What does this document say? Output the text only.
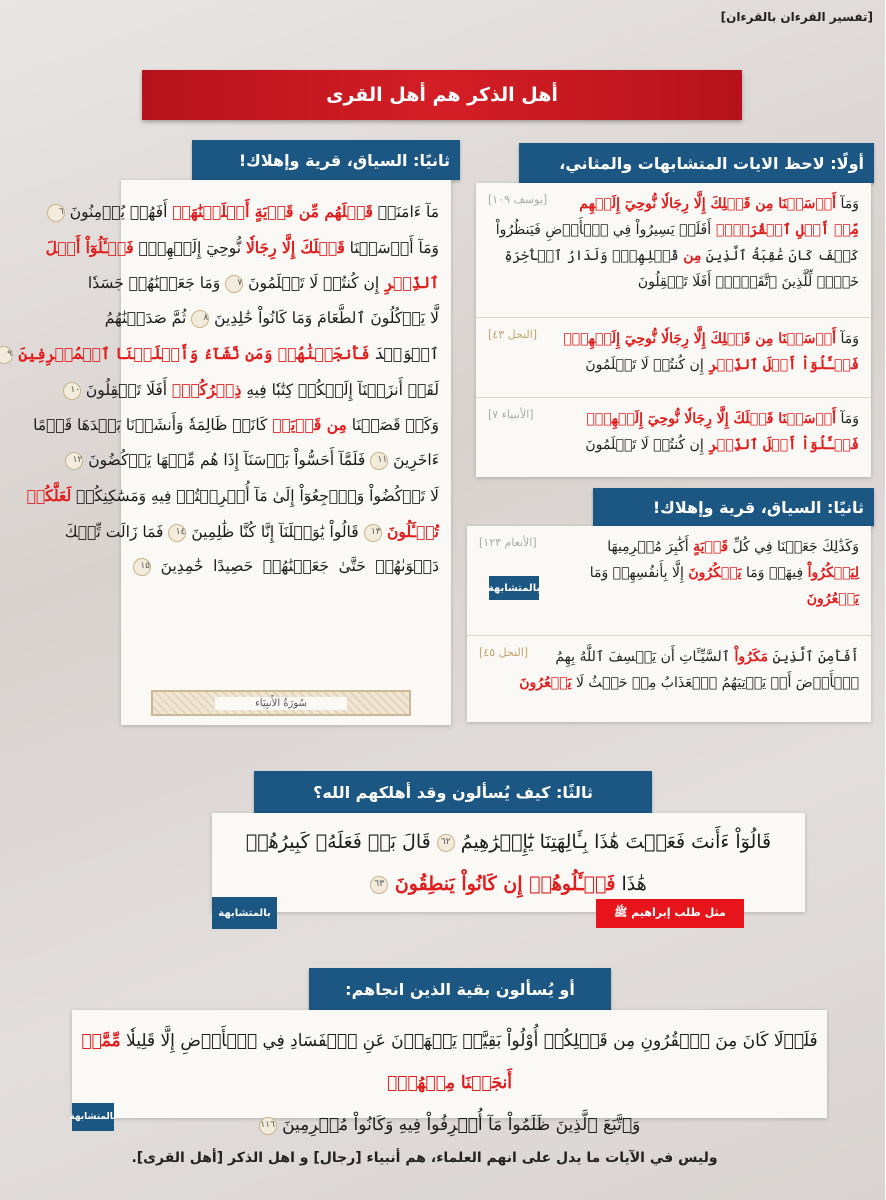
[تفسير القرءان بالقرءان]
أهل الذكر هم أهل القرى
أولًا: لاحظ الايات المتشابهات والمثاني،
[يوسف ١٠٩]	وَمَآ أَرۡسَلۡنَا مِن قَبۡلِكَ إِلَّا رِجَالٗا نُّوحِيٓ إِلَيۡهِم
مِّنۡ أَهۡلِ ٱلۡقُرَىٰٓۗ أَفَلَمۡ يَسِيرُواْ فِي ٱلۡأَرۡضِ فَيَنظُرُواْ
كَيۡفَ كَانَ عَٰقِبَةُ ٱلَّذِينَ مِن قَبۡلِهِمۡۗ وَلَدَارُ ٱلۡأٓخِرَةِ
خَيۡرٞ لِّلَّذِينَ ٱتَّقَوۡاْۚ أَفَلَا تَعۡقِلُونَ
[النحل ٤٣]	وَمَآ أَرۡسَلۡنَا مِن قَبۡلِكَ إِلَّا رِجَالٗا نُّوحِيٓ إِلَيۡهِمۡۖ
فَسۡـَٔلُوٓاْ أَهۡلَ ٱلذِّكۡرِ إِن كُنتُمۡ لَا تَعۡلَمُونَ
[الأنبياء ٧]	وَمَآ أَرۡسَلۡنَا قَبۡلَكَ إِلَّا رِجَالٗا نُّوحِيٓ إِلَيۡهِمۡۖ
فَسۡـَٔلُوٓاْ أَهۡلَ ٱلذِّكۡرِ إِن كُنتُمۡ لَا تَعۡلَمُونَ
ثانيًا: السياق، قرية وإهلاك!
[الأنعام ١٢٣]
بالمتشابهة
وَكَذَٰلِكَ جَعَلۡنَا فِي كُلِّ قَرۡيَةٍ أَكَٰبِرَ مُجۡرِمِيهَا
لِيَمۡكُرُواْ فِيهَاۖ وَمَا يَمۡكُرُونَ إِلَّا بِأَنفُسِهِمۡ وَمَا
يَشۡعُرُونَ
[النحل ٤٥]	أَفَأَمِنَ ٱلَّذِينَ مَكَرُواْ ٱلسَّيِّـَٔاتِ أَن يَخۡسِفَ ٱللَّهُ بِهِمُ
ٱلۡأَرۡضَ أَوۡ يَأۡتِيَهُمُ ٱلۡعَذَابُ مِنۡ حَيۡثُ لَا يَشۡعُرُونَ
ثانيًا: السياق، قرية وإهلاك!
مَآ ءَامَنَتۡ قَبۡلَهُم مِّن قَرۡيَةٍ أَهۡلَكۡنَٰهَآۖ أَفَهُمۡ يُؤۡمِنُونَ ٦
وَمَآ أَرۡسَلۡنَا قَبۡلَكَ إِلَّا رِجَالٗا نُّوحِيٓ إِلَيۡهِمۡۖ فَسۡـَٔلُوٓاْ أَهۡلَ
ٱلذِّكۡرِ إِن كُنتُمۡ لَا تَعۡلَمُونَ ٧ وَمَا جَعَلۡنَٰهُمۡ جَسَدٗا
لَّا يَأۡكُلُونَ ٱلطَّعَامَ وَمَا كَانُواْ خَٰلِدِينَ ٨ ثُمَّ صَدَقۡنَٰهُمُ
ٱلۡوَعۡدَ فَأَنجَيۡنَٰهُمۡ وَمَن نَّشَآءُ وَأَهۡلَكۡنَا ٱلۡمُسۡرِفِينَ ٩
لَقَدۡ أَنزَلۡنَآ إِلَيۡكُمۡ كِتَٰبٗا فِيهِ ذِكۡرُكُمۡۚ أَفَلَا تَعۡقِلُونَ ١٠
وَكَمۡ قَصَمۡنَا مِن قَرۡيَةٖ كَانَتۡ ظَالِمَةٗ وَأَنشَأۡنَا بَعۡدَهَا قَوۡمًا
ءَاخَرِينَ ١١ فَلَمَّآ أَحَسُّواْ بَأۡسَنَآ إِذَا هُم مِّنۡهَا يَرۡكُضُونَ ١٢
لَا تَرۡكُضُواْ وَٱرۡجِعُوٓاْ إِلَىٰ مَآ أُتۡرِفۡتُمۡ فِيهِ وَمَسَٰكِنِكُمۡ لَعَلَّكُمۡ
تُسۡـَٔلُونَ ١٣ قَالُواْ يَٰوَيۡلَنَآ إِنَّا كُنَّا ظَٰلِمِينَ ١٤ فَمَا زَالَت تِّلۡكَ
دَعۡوَىٰهُمۡ حَتَّىٰ جَعَلۡنَٰهُمۡ حَصِيدًا خَٰمِدِينَ ١٥
سُورَةُ الأَنبِيَاء
ثالثًا: كيف يُسألون وقد أهلكهم الله؟
قَالُوٓاْ ءَأَنتَ فَعَلۡتَ هَٰذَا بِـَٔالِهَتِنَا يَٰٓإِبۡرَٰهِيمُ ٦٢ قَالَ بَلۡ فَعَلَهُۥ كَبِيرُهُمۡ
هَٰذَا فَسۡـَٔلُوهُمۡ إِن كَانُواْ يَنطِقُونَ ٦٣
بالمتشابهة	مثل طلب إبراهيم ﷺ
أو يُسألون بقية الذين انجاهم:
فَلَوۡلَا كَانَ مِنَ ٱلۡقُرُونِ مِن قَبۡلِكُمۡ أُوْلُواْ بَقِيَّةٖ يَنۡهَوۡنَ عَنِ ٱلۡفَسَادِ فِي ٱلۡأَرۡضِ إِلَّا قَلِيلٗا مِّمَّنۡ أَنجَيۡنَا مِنۡهُمۡۗ
وَٱتَّبَعَ ٱلَّذِينَ ظَلَمُواْ مَآ أُتۡرِفُواْ فِيهِ وَكَانُواْ مُجۡرِمِينَ ١١٦
بالمتشابهة
وليس في الآيات ما يدل على انهم العلماء، هم أنبياء [رجال] و اهل الذكر [أهل القرى].
